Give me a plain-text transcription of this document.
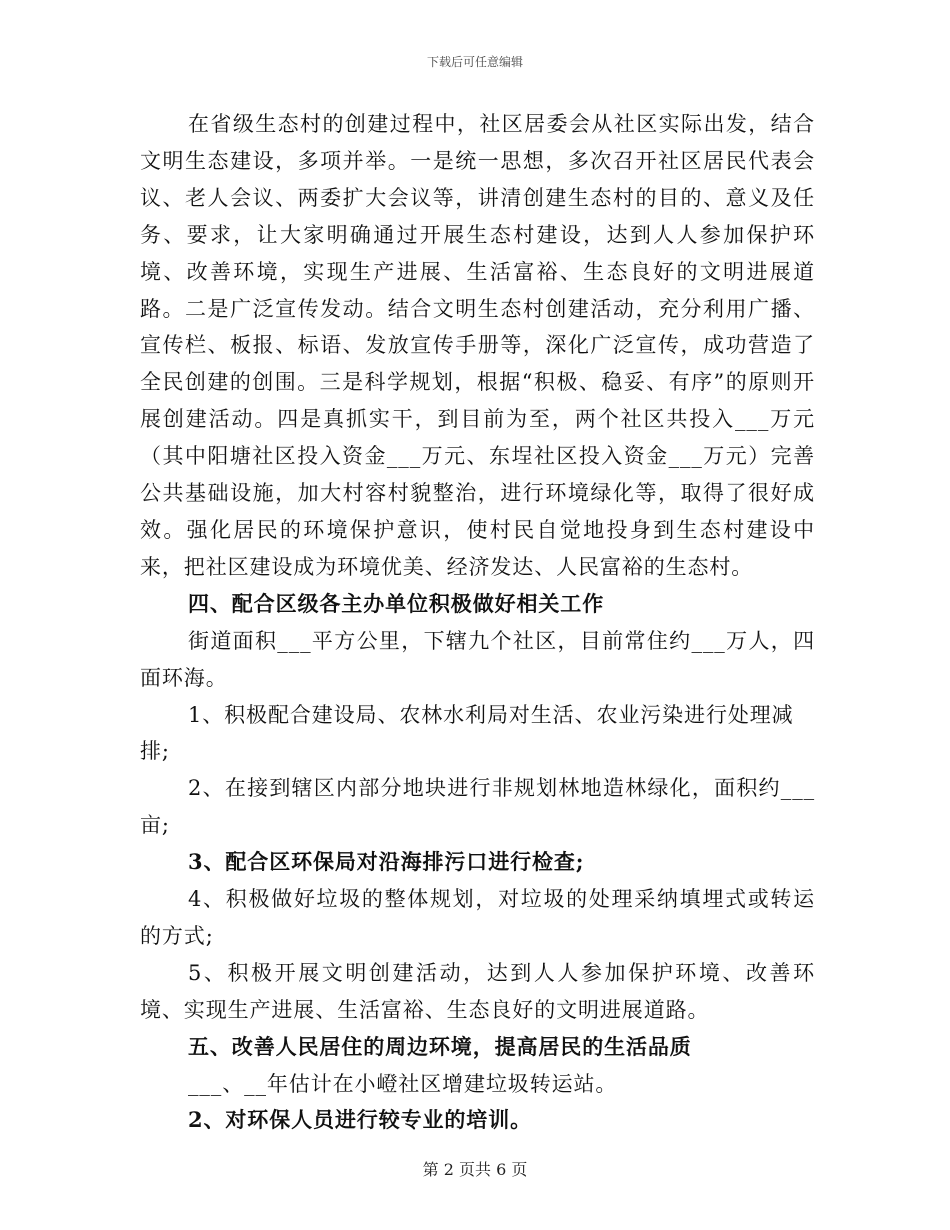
下载后可任意编辑

在省级生态村的创建过程中，社区居委会从社区实际出发，结合文明生态建设，多项并举。一是统一思想，多次召开社区居民代表会议、老人会议、两委扩大会议等，讲清创建生态村的目的、意义及任务、要求，让大家明确通过开展生态村建设，达到人人参加保护环境、改善环境，实现生产进展、生活富裕、生态良好的文明进展道路。二是广泛宣传发动。结合文明生态村创建活动，充分利用广播、宣传栏、板报、标语、发放宣传手册等，深化广泛宣传，成功营造了全民创建的创围。三是科学规划，根据“积极、稳妥、有序”的原则开展创建活动。四是真抓实干，到目前为至，两个社区共投入___万元（其中阳塘社区投入资金___万元、东埕社区投入资金___万元）完善公共基础设施，加大村容村貌整治，进行环境绿化等，取得了很好成效。强化居民的环境保护意识，使村民自觉地投身到生态村建设中来，把社区建设成为环境优美、经济发达、人民富裕的生态村。

四、配合区级各主办单位积极做好相关工作

街道面积___平方公里，下辖九个社区，目前常住约___万人，四面环海。

1、积极配合建设局、农林水利局对生活、农业污染进行处理减排;

2、在接到辖区内部分地块进行非规划林地造林绿化，面积约___亩;

3、配合区环保局对沿海排污口进行检查;

4、积极做好垃圾的整体规划，对垃圾的处理采纳填埋式或转运的方式;

5、积极开展文明创建活动，达到人人参加保护环境、改善环境、实现生产进展、生活富裕、生态良好的文明进展道路。

五、改善人民居住的周边环境，提高居民的生活品质

___、__年估计在小嶝社区增建垃圾转运站。

2、对环保人员进行较专业的培训。

第 2 页共 6 页
